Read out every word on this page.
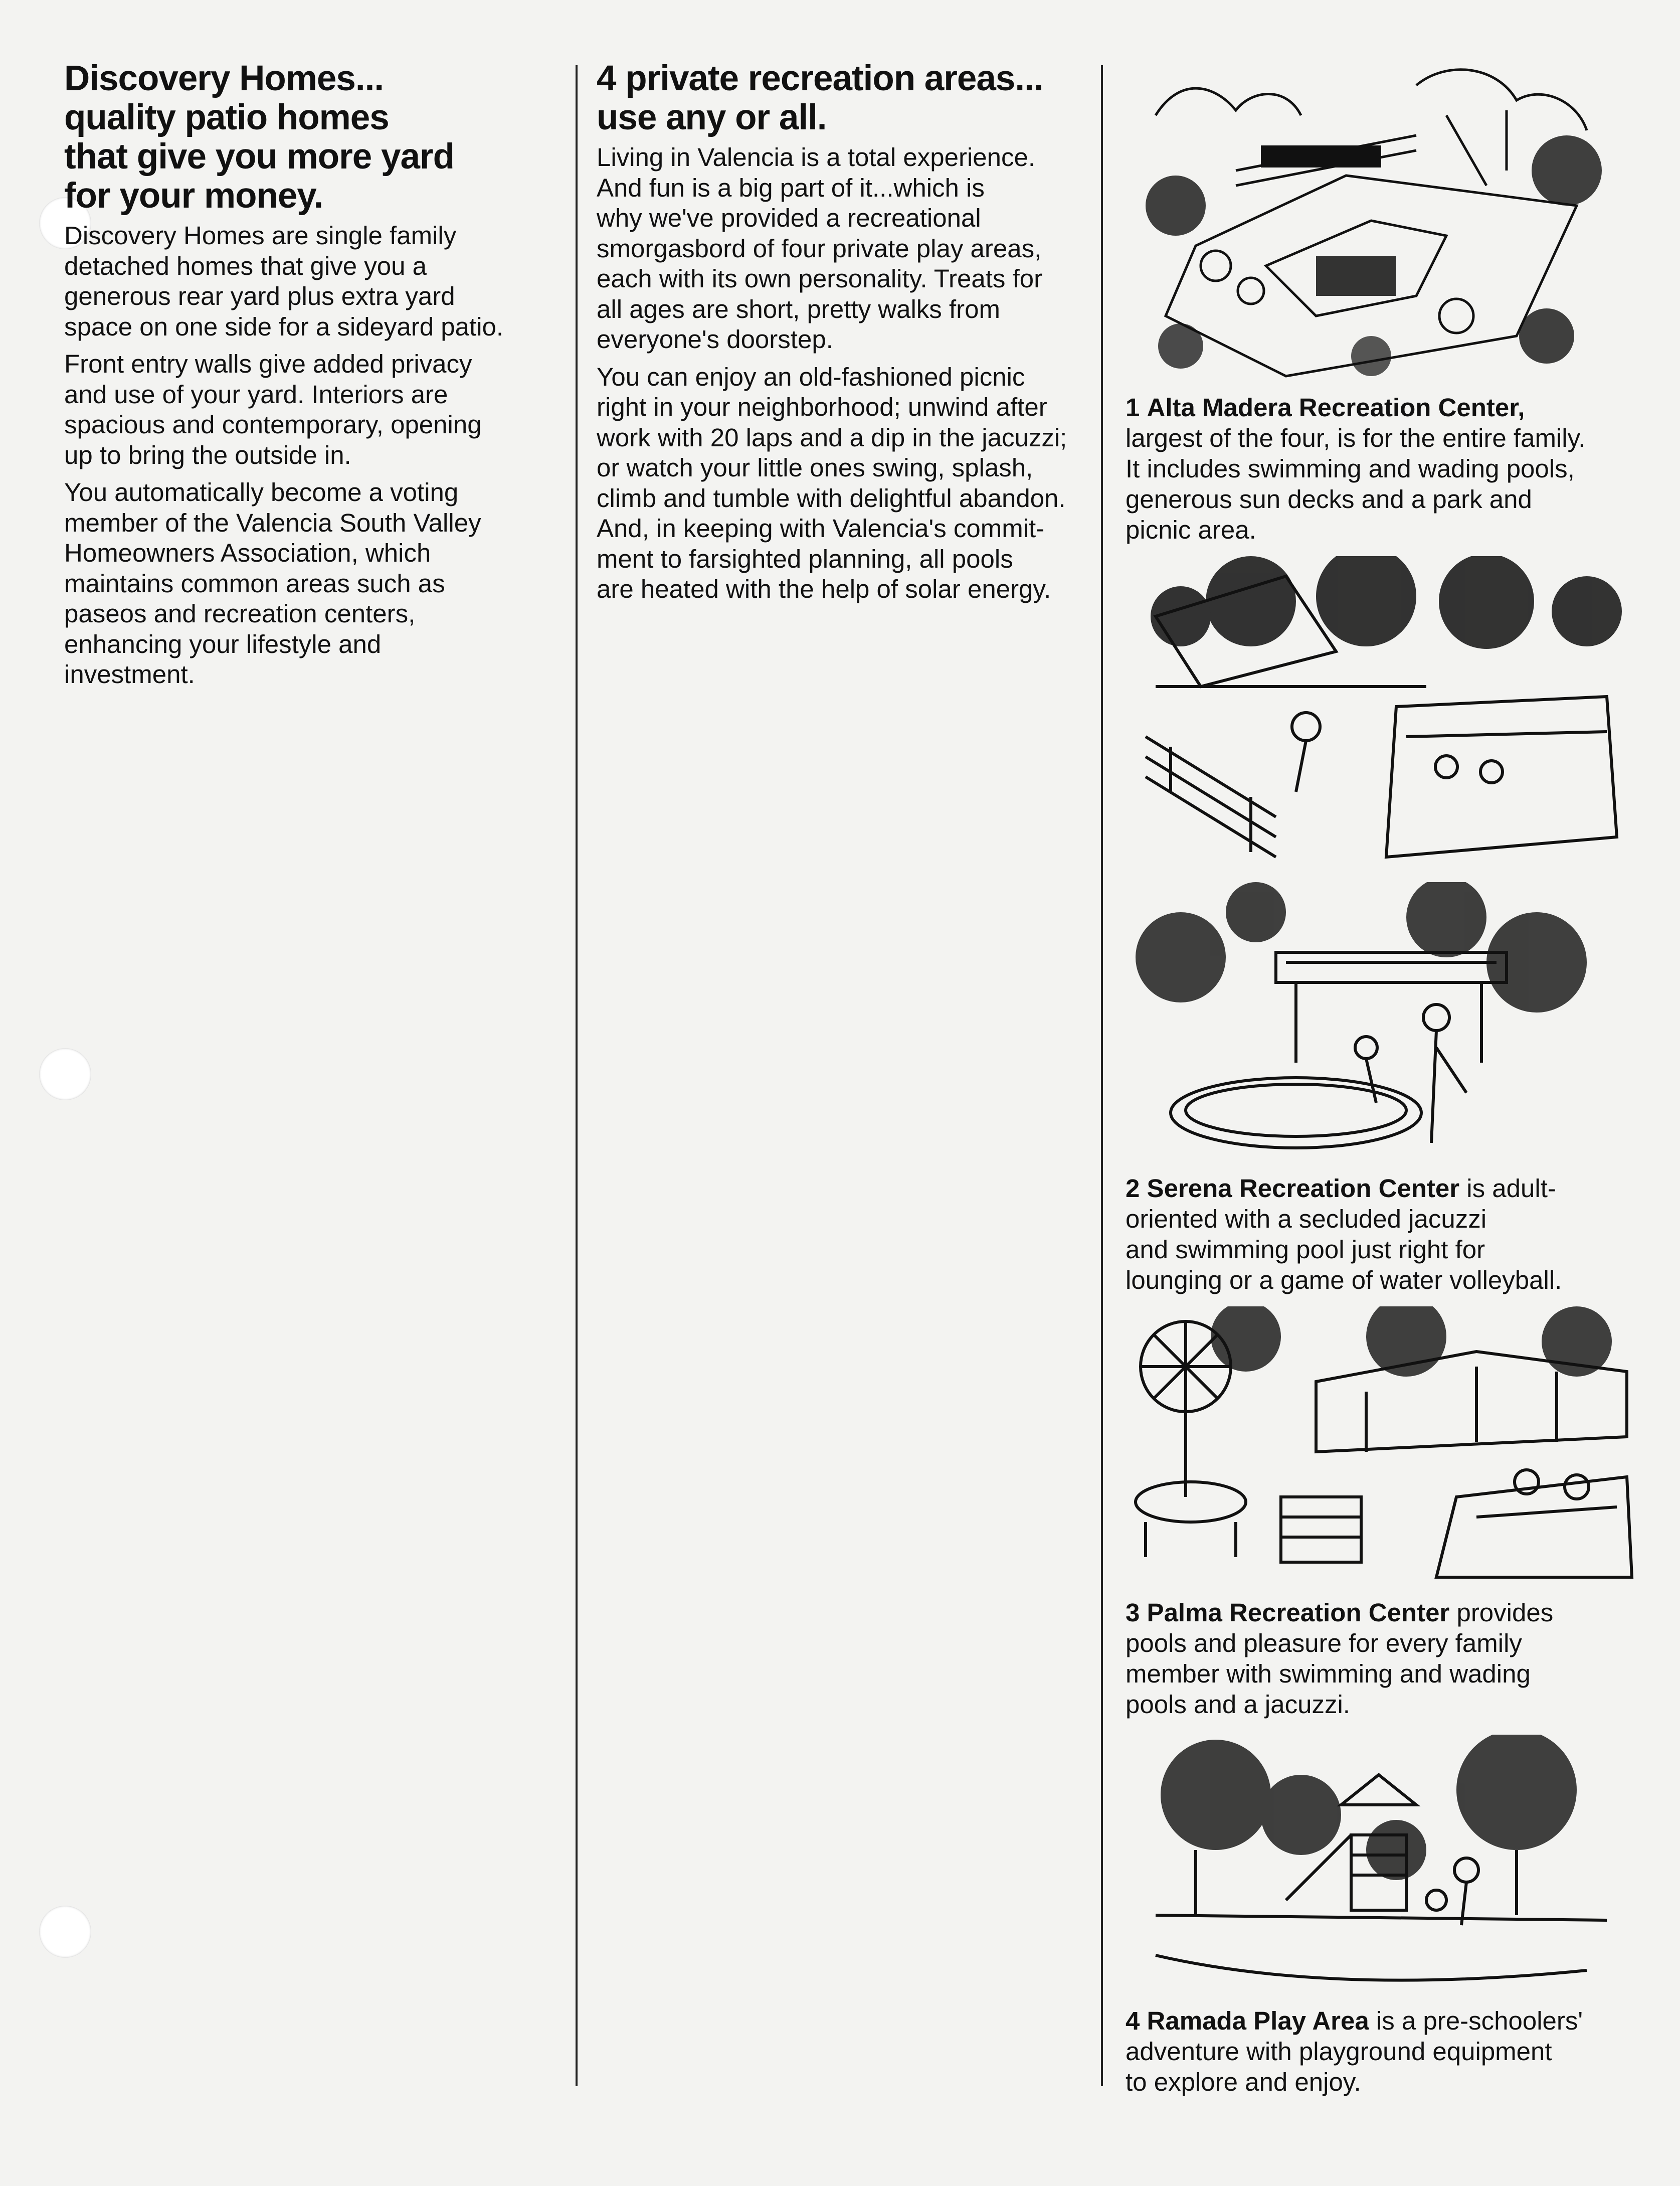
Discovery Homes...
quality patio homes
that give you more yard
for your money.

Discovery Homes are single family
detached homes that give you a
generous rear yard plus extra yard
space on one side for a sideyard patio.

Front entry walls give added privacy
and use of your yard. Interiors are
spacious and contemporary, opening
up to bring the outside in.

You automatically become a voting
member of the Valencia South Valley
Homeowners Association, which
maintains common areas such as
paseos and recreation centers,
enhancing your lifestyle and
investment.

4 private recreation areas...
use any or all.

Living in Valencia is a total experience.
And fun is a big part of it...which is
why we've provided a recreational
smorgasbord of four private play areas,
each with its own personality. Treats for
all ages are short, pretty walks from
everyone's doorstep.

You can enjoy an old-fashioned picnic
right in your neighborhood; unwind after
work with 20 laps and a dip in the jacuzzi;
or watch your little ones swing, splash,
climb and tumble with delightful abandon.
And, in keeping with Valencia's commit-
ment to farsighted planning, all pools
are heated with the help of solar energy.

1 Alta Madera Recreation Center,
largest of the four, is for the entire family.
It includes swimming and wading pools,
generous sun decks and a park and
picnic area.
2 Serena Recreation Center is adult-
oriented with a secluded jacuzzi
and swimming pool just right for
lounging or a game of water volleyball.
3 Palma Recreation Center provides
pools and pleasure for every family
member with swimming and wading
pools and a jacuzzi.
4 Ramada Play Area is a pre-schoolers'
adventure with playground equipment
to explore and enjoy.
